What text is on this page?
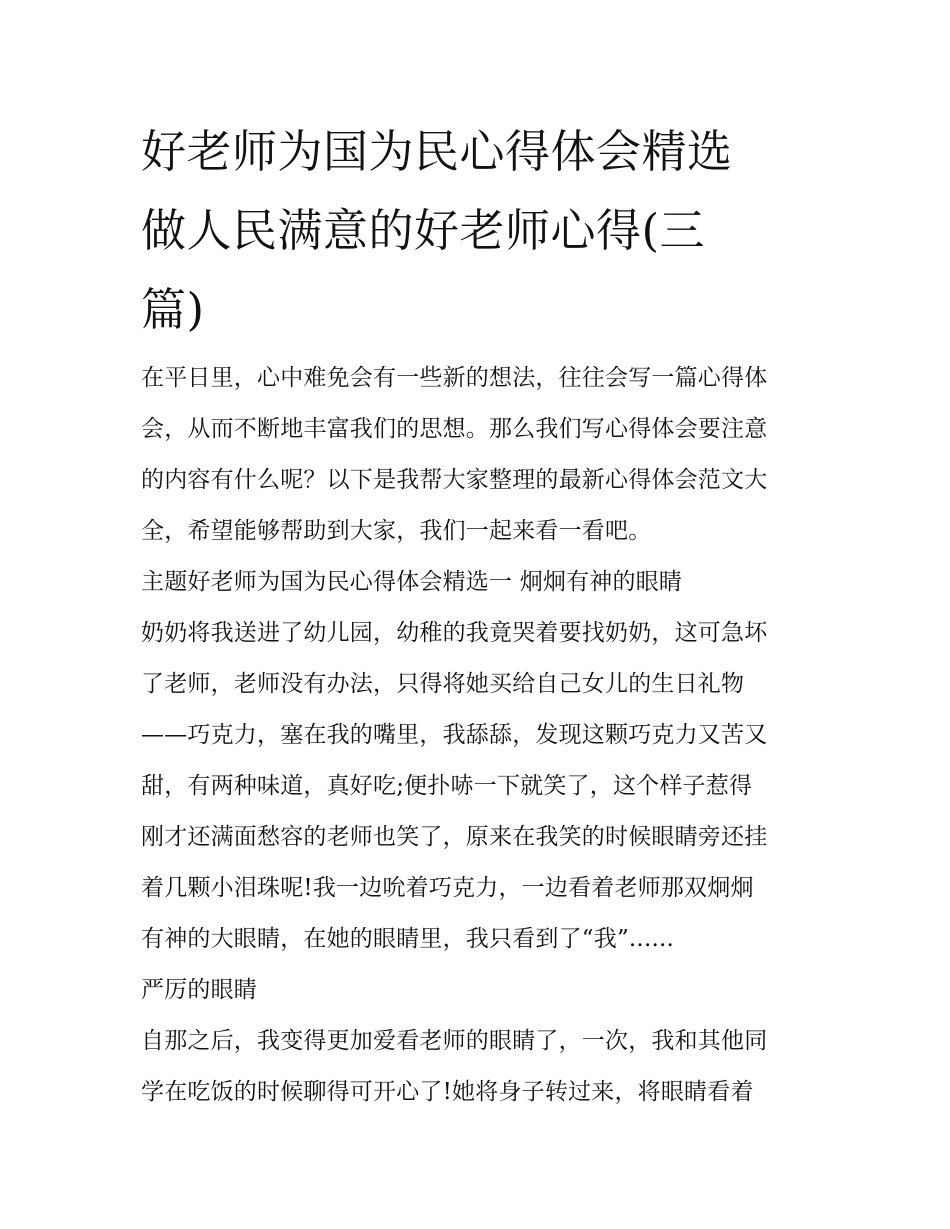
好老师为国为民心得体会精选
做人民满意的好老师心得(三
篇)

在平日里，心中难免会有一些新的想法，往往会写一篇心得体
会，从而不断地丰富我们的思想。那么我们写心得体会要注意
的内容有什么呢？以下是我帮大家整理的最新心得体会范文大
全，希望能够帮助到大家，我们一起来看一看吧。

主题好老师为国为民心得体会精选一 炯炯有神的眼睛

奶奶将我送进了幼儿园，幼稚的我竟哭着要找奶奶，这可急坏
了老师，老师没有办法，只得将她买给自己女儿的生日礼物
——巧克力，塞在我的嘴里，我舔舔，发现这颗巧克力又苦又
甜，有两种味道，真好吃;便扑哧一下就笑了，这个样子惹得
刚才还满面愁容的老师也笑了，原来在我笑的时候眼睛旁还挂
着几颗小泪珠呢!我一边吮着巧克力，一边看着老师那双炯炯
有神的大眼睛，在她的眼睛里，我只看到了“我”......

严厉的眼睛

自那之后，我变得更加爱看老师的眼睛了，一次，我和其他同
学在吃饭的时候聊得可开心了!她将身子转过来，将眼睛看着
